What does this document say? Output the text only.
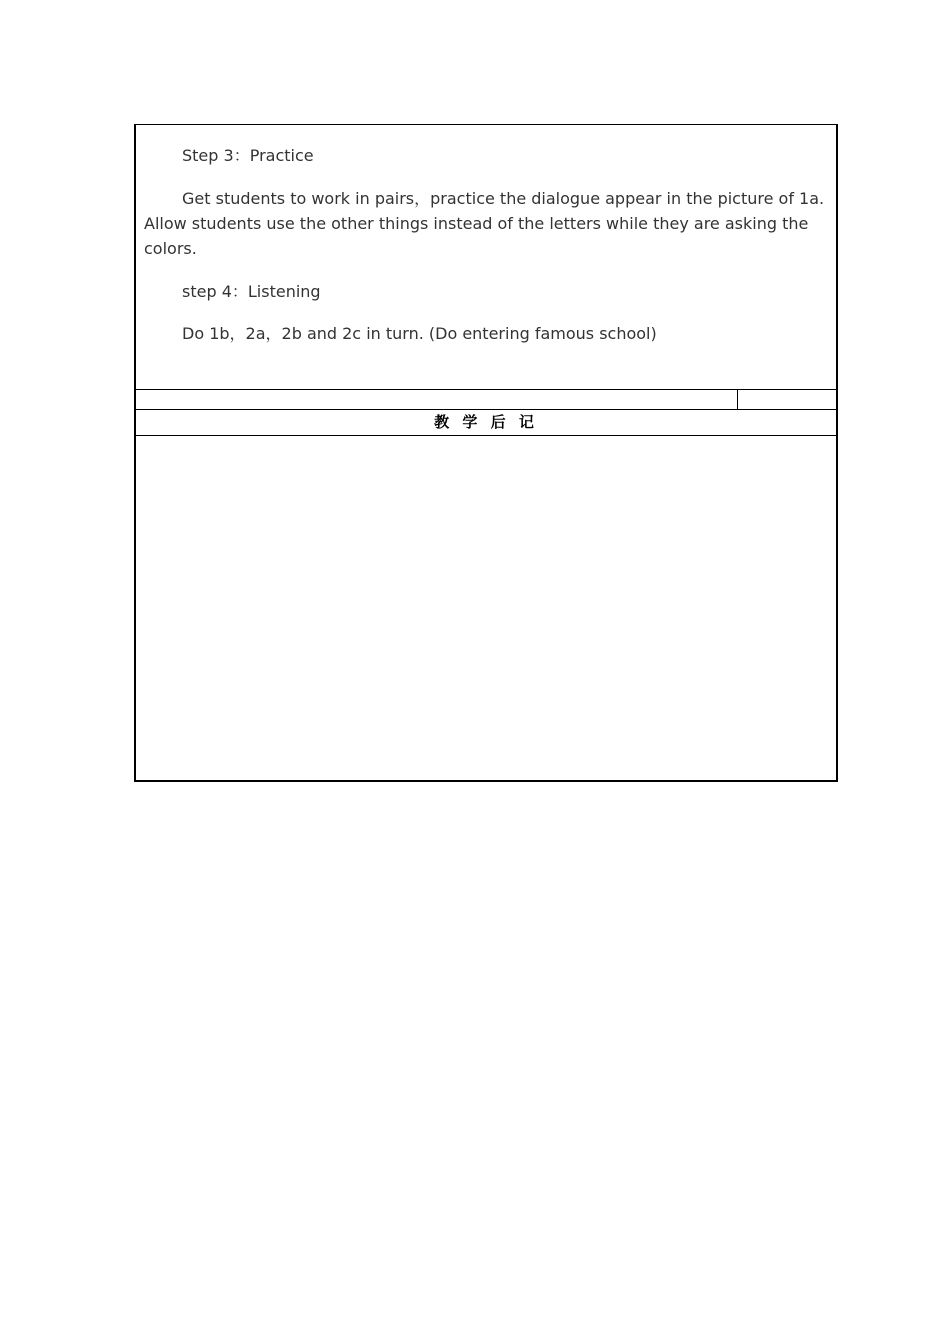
Step 3：Practice

Get students to work in pairs，practice the dialogue appear in the picture of 1a. Allow students use the other things instead of the letters while they are asking the colors.

step 4：Listening

Do 1b，2a，2b and 2c in turn. (Do entering famous school)

教 学 后 记
